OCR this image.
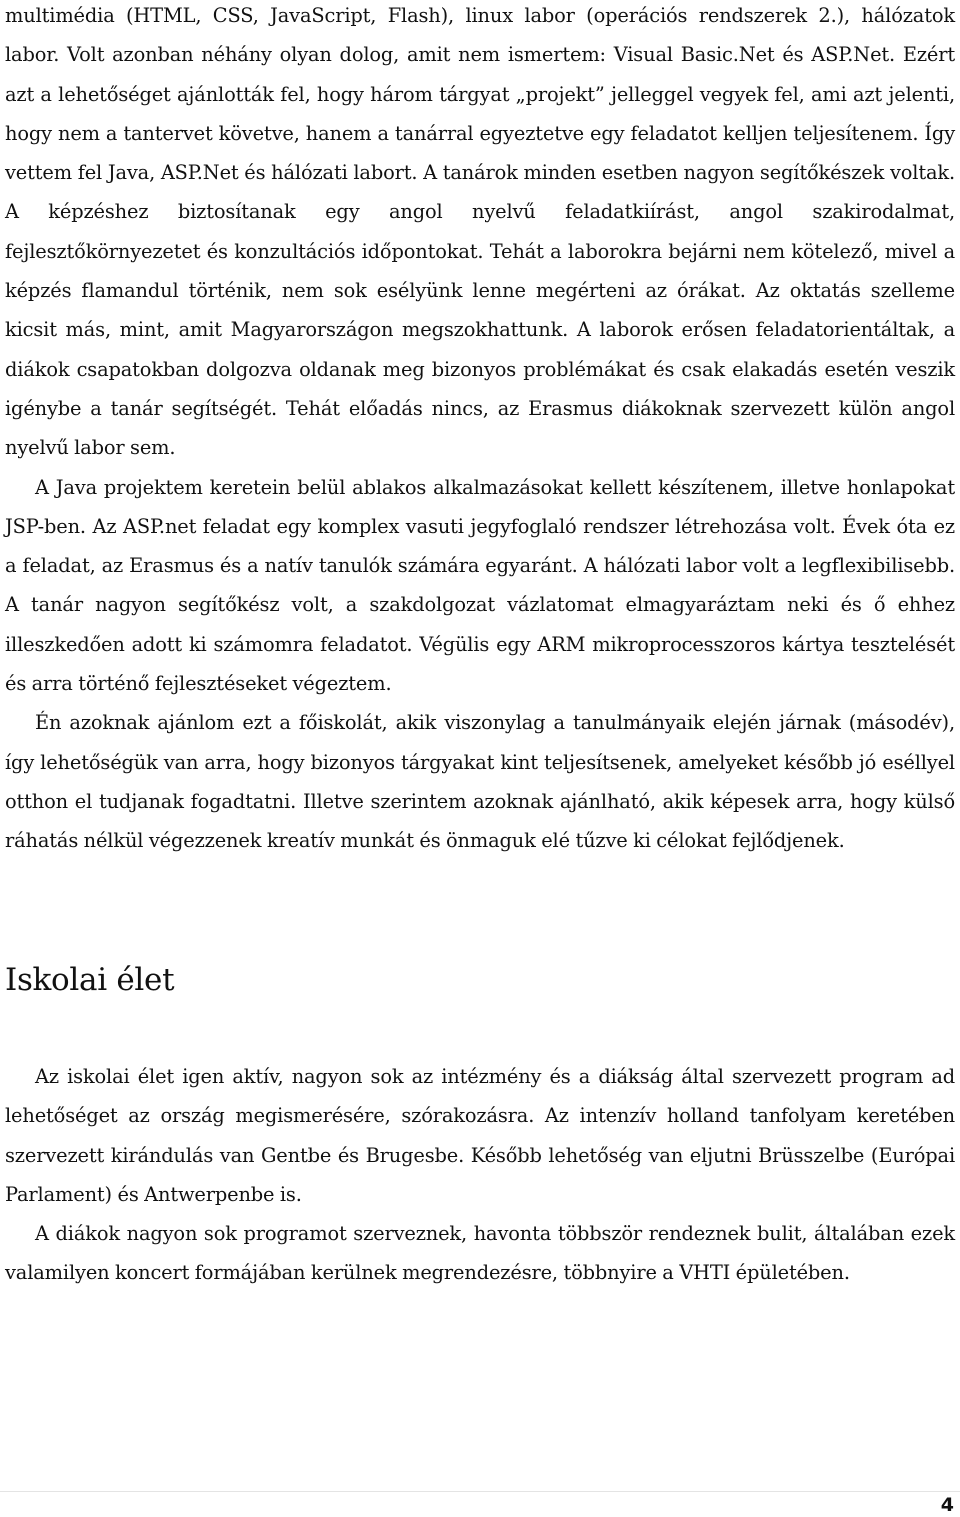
multimédia (HTML, CSS, JavaScript, Flash), linux labor (operációs rendszerek 2.), hálózatok labor. Volt azonban néhány olyan dolog, amit nem ismertem: Visual Basic.Net és ASP.Net. Ezért azt a lehetőséget ajánlották fel, hogy három tárgyat „projekt” jelleggel vegyek fel, ami azt jelenti, hogy nem a tantervet követve, hanem a tanárral egyeztetve egy feladatot kelljen teljesítenem. Így vettem fel Java, ASP.Net és hálózati labort. A tanárok minden esetben nagyon segítőkészek voltak. A képzéshez biztosítanak egy angol nyelvű feladatkiírást, angol szakirodalmat, fejlesztőkörnyezetet és konzultációs időpontokat. Tehát a laborokra bejárni nem kötelező, mivel a képzés flamandul történik, nem sok esélyünk lenne megérteni az órákat. Az oktatás szelleme kicsit más, mint, amit Magyarországon megszokhattunk. A laborok erősen feladatorientáltak, a diákok csapatokban dolgozva oldanak meg bizonyos problémákat és csak elakadás esetén veszik igénybe a tanár segítségét. Tehát előadás nincs, az Erasmus diákoknak szervezett külön angol nyelvű labor sem.

A Java projektem keretein belül ablakos alkalmazásokat kellett készítenem, illetve honlapokat JSP-ben. Az ASP.net feladat egy komplex vasuti jegyfoglaló rendszer létrehozása volt. Évek óta ez a feladat, az Erasmus és a natív tanulók számára egyaránt. A hálózati labor volt a legflexibilisebb. A tanár nagyon segítőkész volt, a szakdolgozat vázlatomat elmagyaráztam neki és ő ehhez illeszkedően adott ki számomra feladatot. Végülis egy ARM mikroprocesszoros kártya tesztelését és arra történő fejlesztéseket végeztem.

Én azoknak ajánlom ezt a főiskolát, akik viszonylag a tanulmányaik elején járnak (másodév), így lehetőségük van arra, hogy bizonyos tárgyakat kint teljesítsenek, amelyeket később jó eséllyel otthon el tudjanak fogadtatni. Illetve szerintem azoknak ajánlható, akik képesek arra, hogy külső ráhatás nélkül végezzenek kreatív munkát és önmaguk elé tűzve ki célokat fejlődjenek.

Iskolai élet

Az iskolai élet igen aktív, nagyon sok az intézmény és a diákság által szervezett program ad lehetőséget az ország megismerésére, szórakozásra. Az intenzív holland tanfolyam keretében szervezett kirándulás van Gentbe és Brugesbe. Később lehetőség van eljutni Brüsszelbe (Európai Parlament) és Antwerpenbe is.

A diákok nagyon sok programot szerveznek, havonta többször rendeznek bulit, általában ezek valamilyen koncert formájában kerülnek megrendezésre, többnyire a VHTI épületében.

4
